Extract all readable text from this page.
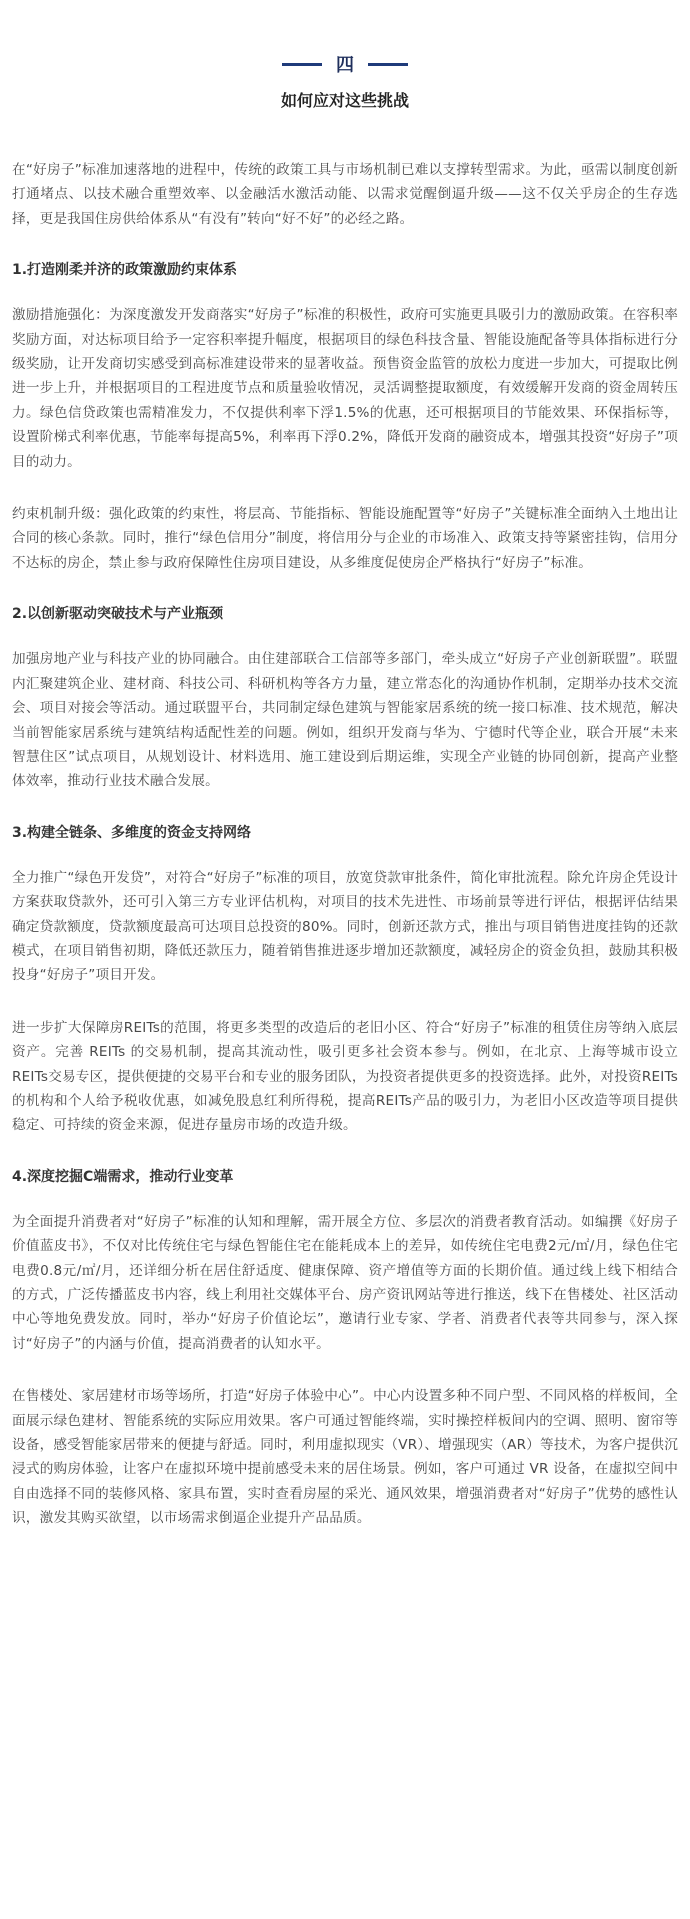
四
如何应对这些挑战

在“好房子”标准加速落地的进程中，传统的政策工具与市场机制已难以支撑转型需求。为此，亟需以制度创新打通堵点、以技术融合重塑效率、以金融活水激活动能、以需求觉醒倒逼升级——这不仅关乎房企的生存选择，更是我国住房供给体系从“有没有”转向“好不好”的必经之路。

1.打造刚柔并济的政策激励约束体系

激励措施强化：为深度激发开发商落实“好房子”标准的积极性，政府可实施更具吸引力的激励政策。在容积率奖励方面，对达标项目给予一定容积率提升幅度，根据项目的绿色科技含量、智能设施配备等具体指标进行分级奖励，让开发商切实感受到高标准建设带来的显著收益。预售资金监管的放松力度进一步加大，可提取比例进一步上升，并根据项目的工程进度节点和质量验收情况，灵活调整提取额度，有效缓解开发商的资金周转压力。绿色信贷政策也需精准发力，不仅提供利率下浮1.5%的优惠，还可根据项目的节能效果、环保指标等，设置阶梯式利率优惠，节能率每提高5%，利率再下浮0.2%，降低开发商的融资成本，增强其投资“好房子”项目的动力。

约束机制升级：强化政策的约束性，将层高、节能指标、智能设施配置等“好房子”关键标准全面纳入土地出让合同的核心条款。同时，推行“绿色信用分”制度，将信用分与企业的市场准入、政策支持等紧密挂钩，信用分不达标的房企，禁止参与政府保障性住房项目建设，从多维度促使房企严格执行“好房子”标准。

2.以创新驱动突破技术与产业瓶颈

加强房地产业与科技产业的协同融合。由住建部联合工信部等多部门，牵头成立“好房子产业创新联盟”。联盟内汇聚建筑企业、建材商、科技公司、科研机构等各方力量，建立常态化的沟通协作机制，定期举办技术交流会、项目对接会等活动。通过联盟平台，共同制定绿色建筑与智能家居系统的统一接口标准、技术规范，解决当前智能家居系统与建筑结构适配性差的问题。例如，组织开发商与华为、宁德时代等企业，联合开展“未来智慧住区”试点项目，从规划设计、材料选用、施工建设到后期运维，实现全产业链的协同创新，提高产业整体效率，推动行业技术融合发展。

3.构建全链条、多维度的资金支持网络

全力推广“绿色开发贷”，对符合“好房子”标准的项目，放宽贷款审批条件，简化审批流程。除允许房企凭设计方案获取贷款外，还可引入第三方专业评估机构，对项目的技术先进性、市场前景等进行评估，根据评估结果确定贷款额度，贷款额度最高可达项目总投资的80%。同时，创新还款方式，推出与项目销售进度挂钩的还款模式，在项目销售初期，降低还款压力，随着销售推进逐步增加还款额度，减轻房企的资金负担，鼓励其积极投身“好房子”项目开发。

进一步扩大保障房REITs的范围，将更多类型的改造后的老旧小区、符合“好房子”标准的租赁住房等纳入底层资产。完善 REITs 的交易机制，提高其流动性，吸引更多社会资本参与。例如，在北京、上海等城市设立REITs交易专区，提供便捷的交易平台和专业的服务团队，为投资者提供更多的投资选择。此外，对投资REITs的机构和个人给予税收优惠，如减免股息红利所得税，提高REITs产品的吸引力，为老旧小区改造等项目提供稳定、可持续的资金来源，促进存量房市场的改造升级。

4.深度挖掘C端需求，推动行业变革

为全面提升消费者对“好房子”标准的认知和理解，需开展全方位、多层次的消费者教育活动。如编撰《好房子价值蓝皮书》，不仅对比传统住宅与绿色智能住宅在能耗成本上的差异，如传统住宅电费2元/㎡/月，绿色住宅电费0.8元/㎡/月，还详细分析在居住舒适度、健康保障、资产增值等方面的长期价值。通过线上线下相结合的方式，广泛传播蓝皮书内容，线上利用社交媒体平台、房产资讯网站等进行推送，线下在售楼处、社区活动中心等地免费发放。同时，举办“好房子价值论坛”，邀请行业专家、学者、消费者代表等共同参与，深入探讨“好房子”的内涵与价值，提高消费者的认知水平。

在售楼处、家居建材市场等场所，打造“好房子体验中心”。中心内设置多种不同户型、不同风格的样板间，全面展示绿色建材、智能系统的实际应用效果。客户可通过智能终端，实时操控样板间内的空调、照明、窗帘等设备，感受智能家居带来的便捷与舒适。同时，利用虚拟现实（VR）、增强现实（AR）等技术，为客户提供沉浸式的购房体验，让客户在虚拟环境中提前感受未来的居住场景。例如，客户可通过 VR 设备，在虚拟空间中自由选择不同的装修风格、家具布置，实时查看房屋的采光、通风效果，增强消费者对“好房子”优势的感性认识，激发其购买欲望，以市场需求倒逼企业提升产品品质。
